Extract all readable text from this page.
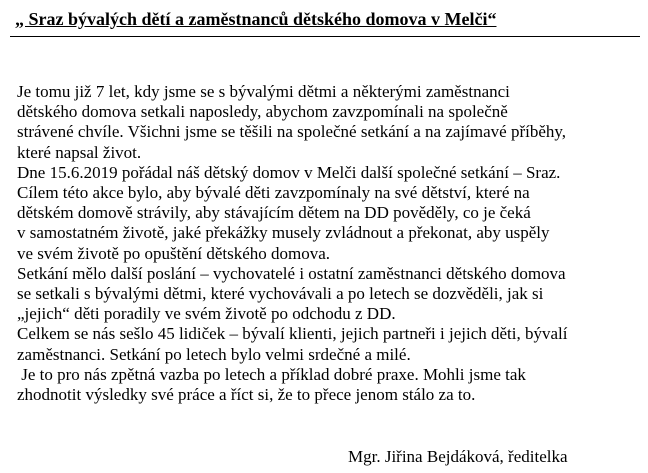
„ Sraz bývalých dětí a zaměstnanců dětského domova v Melči“
Je tomu již 7 let, kdy jsme se s bývalými dětmi a některými zaměstnanci
dětského domova setkali naposledy, abychom zavzpomínali na společně
strávené chvíle. Všichni jsme se těšili na společné setkání a na zajímavé příběhy,
které napsal život.
Dne 15.6.2019 pořádal náš dětský domov v Melči další společné setkání – Sraz.
Cílem této akce bylo, aby bývalé děti zavzpomínaly na své dětství, které na
dětském domově strávily, aby stávajícím dětem na DD pověděly, co je čeká
v samostatném životě, jaké překážky musely zvládnout a překonat, aby uspěly
ve svém životě po opuštění dětského domova.
Setkání mělo další poslání – vychovatelé i ostatní zaměstnanci dětského domova
se setkali s bývalými dětmi, které vychovávali a po letech se dozvěděli, jak si
„jejich“ děti poradily ve svém životě po odchodu z DD.
Celkem se nás sešlo 45 lidiček – bývalí klienti, jejich partneři i jejich děti, bývalí
zaměstnanci. Setkání po letech bylo velmi srdečné a milé.
Je to pro nás zpětná vazba po letech a příklad dobré praxe. Mohli jsme tak
zhodnotit výsledky své práce a říct si, že to přece jenom stálo za to.
Mgr. Jiřina Bejdáková, ředitelka
